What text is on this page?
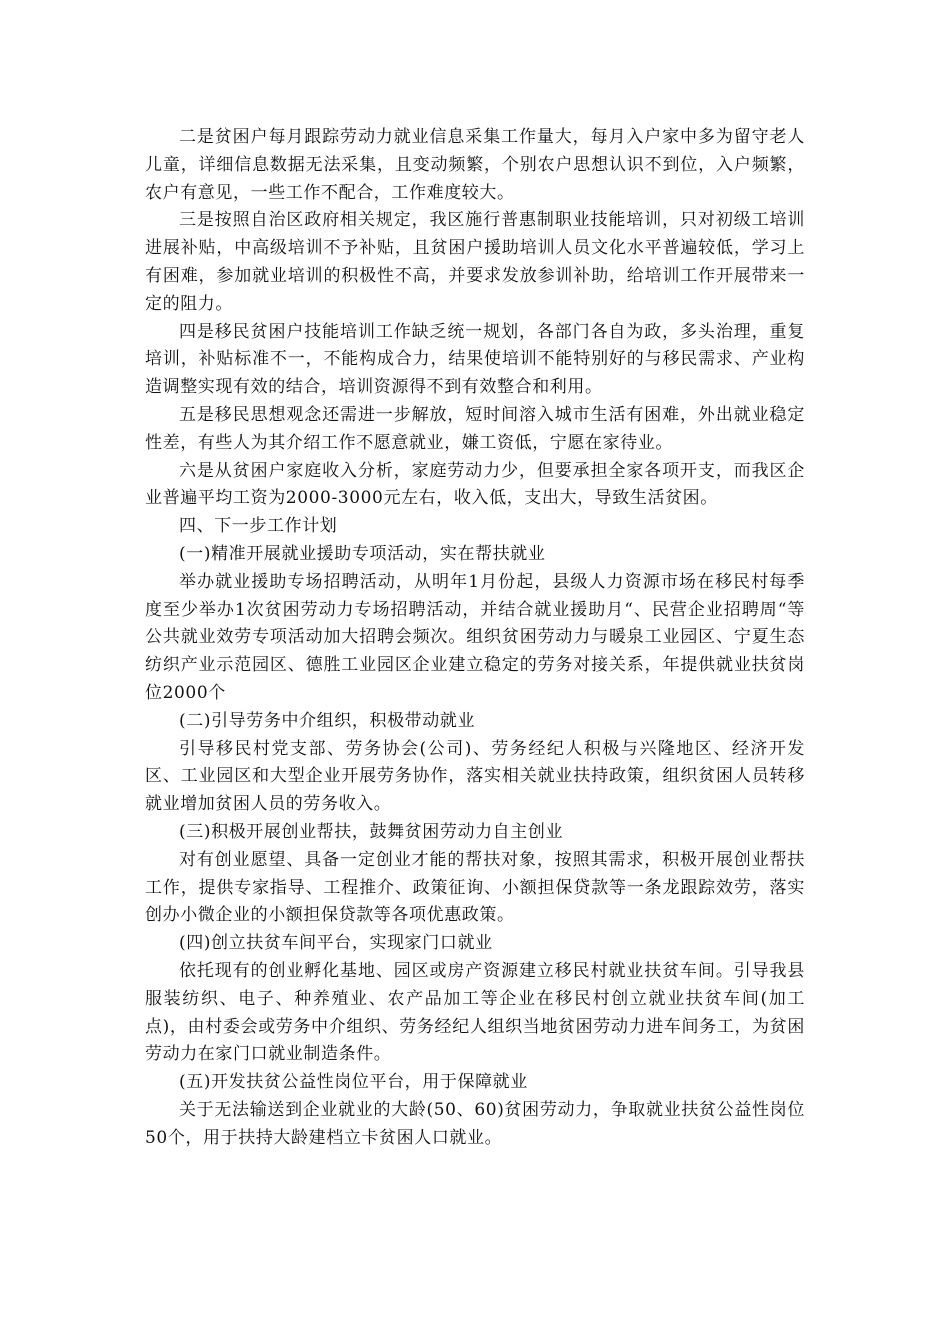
二是贫困户每月跟踪劳动力就业信息采集工作量大，每月入户家中多为留守老人儿童，详细信息数据无法采集，且变动频繁，个别农户思想认识不到位，入户频繁，农户有意见，一些工作不配合，工作难度较大。

三是按照自治区政府相关规定，我区施行普惠制职业技能培训，只对初级工培训进展补贴，中高级培训不予补贴，且贫困户援助培训人员文化水平普遍较低，学习上有困难，参加就业培训的积极性不高，并要求发放参训补助，给培训工作开展带来一定的阻力。

四是移民贫困户技能培训工作缺乏统一规划，各部门各自为政，多头治理，重复培训，补贴标准不一，不能构成合力，结果使培训不能特别好的与移民需求、产业构造调整实现有效的结合，培训资源得不到有效整合和利用。

五是移民思想观念还需进一步解放，短时间溶入城市生活有困难，外出就业稳定性差，有些人为其介绍工作不愿意就业，嫌工资低，宁愿在家待业。

六是从贫困户家庭收入分析，家庭劳动力少，但要承担全家各项开支，而我区企业普遍平均工资为2000-3000元左右，收入低，支出大，导致生活贫困。

四、下一步工作计划

(一)精准开展就业援助专项活动，实在帮扶就业

举办就业援助专场招聘活动，从明年1月份起，县级人力资源市场在移民村每季度至少举办1次贫困劳动力专场招聘活动，并结合就业援助月“、民营企业招聘周“等公共就业效劳专项活动加大招聘会频次。组织贫困劳动力与暖泉工业园区、宁夏生态纺织产业示范园区、德胜工业园区企业建立稳定的劳务对接关系，年提供就业扶贫岗位2000个

(二)引导劳务中介组织，积极带动就业

引导移民村党支部、劳务协会(公司)、劳务经纪人积极与兴隆地区、经济开发区、工业园区和大型企业开展劳务协作，落实相关就业扶持政策，组织贫困人员转移就业增加贫困人员的劳务收入。

(三)积极开展创业帮扶，鼓舞贫困劳动力自主创业

对有创业愿望、具备一定创业才能的帮扶对象，按照其需求，积极开展创业帮扶工作，提供专家指导、工程推介、政策征询、小额担保贷款等一条龙跟踪效劳，落实创办小微企业的小额担保贷款等各项优惠政策。

(四)创立扶贫车间平台，实现家门口就业

依托现有的创业孵化基地、园区或房产资源建立移民村就业扶贫车间。引导我县服装纺织、电子、种养殖业、农产品加工等企业在移民村创立就业扶贫车间(加工点)，由村委会或劳务中介组织、劳务经纪人组织当地贫困劳动力进车间务工，为贫困劳动力在家门口就业制造条件。

(五)开发扶贫公益性岗位平台，用于保障就业

关于无法输送到企业就业的大龄(50、60)贫困劳动力，争取就业扶贫公益性岗位50个，用于扶持大龄建档立卡贫困人口就业。
